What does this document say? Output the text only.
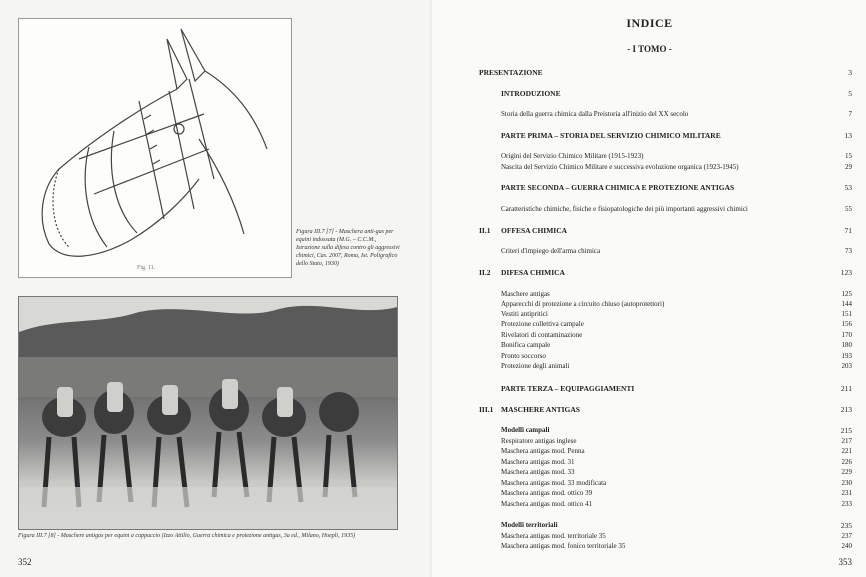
Fig. 11.
Figura III.7 [7] - Maschera anti-gas per equini indossata (M.G. – C.C.M., Istruzione sulla difesa contro gli aggressivi chimici, Cas. 2007, Roma, Ist. Poligrafico dello Stato, 1930)
Figura III.7 [8] - Maschere antigas per equini a cappuccio (Izzo Attilio, Guerra chimica e protezione antigas, 3a ed., Milano, Hoepli, 1935)
352
INDICE
- I TOMO -
PRESENTAZIONE	3
INTRODUZIONE	5
Storia della guerra chimica dalla Preistoria all'inizio del XX secolo	7
PARTE PRIMA – STORIA DEL SERVIZIO CHIMICO MILITARE	13
Origini del Servizio Chimico Militare (1915-1923)	15
Nascita del Servizio Chimico Militare e successiva evoluzione organica (1923-1945)	29
PARTE SECONDA – GUERRA CHIMICA E PROTEZIONE ANTIGAS	53
Caratteristiche chimiche, fisiche e fisiopatologiche dei più importanti aggressivi chimici	55
II.1 OFFESA CHIMICA	71
Criteri d'impiego dell'arma chimica	73
II.2 DIFESA CHIMICA	123
Maschere antigas	125
Apparecchi di protezione a circuito chiuso (autoprotettori)	144
Vestiti antipritici	151
Protezione collettiva campale	156
Rivelatori di contaminazione	170
Bonifica campale	180
Pronto soccorso	193
Protezione degli animali	203
PARTE TERZA – EQUIPAGGIAMENTI	211
III.1 MASCHERE ANTIGAS	213
Modelli campali	215
Respiratore antigas inglese	217
Maschera antigas mod. Penna	221
Maschera antigas mod. 31	226
Maschera antigas mod. 33	229
Maschera antigas mod. 33 modificata	230
Maschera antigas mod. ottico 39	231
Maschera antigas mod. ottico 41	233
Modelli territoriali	235
Maschera antigas mod. territoriale 35	237
Maschera antigas mod. fonico territoriale 35	240
353
